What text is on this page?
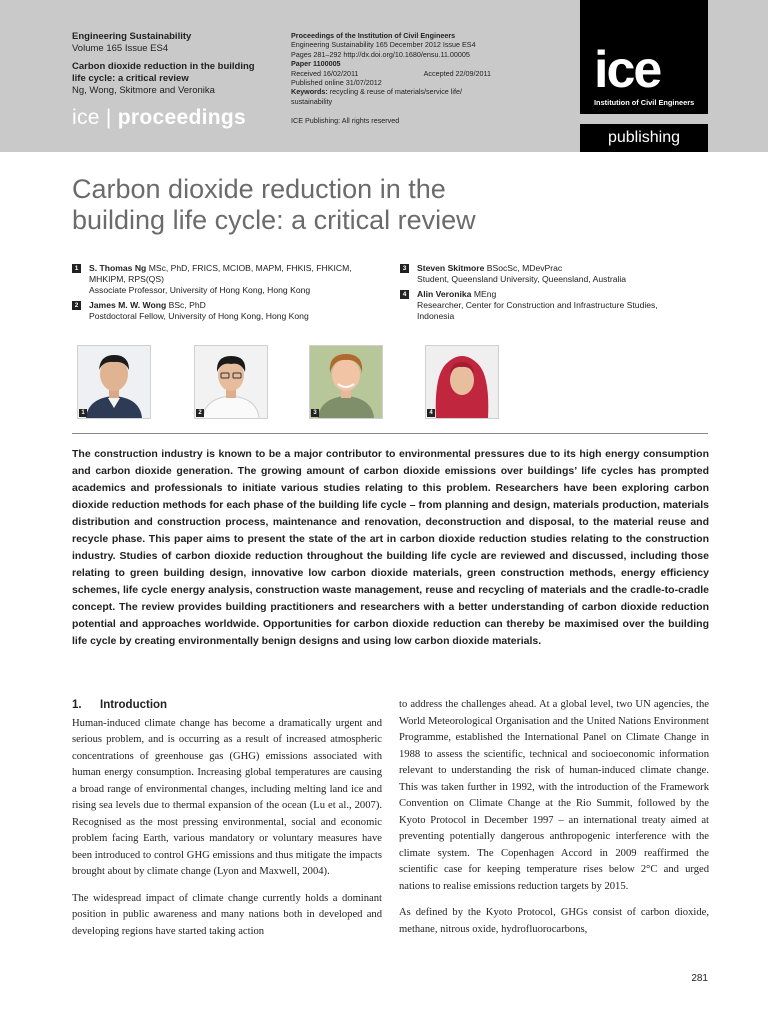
Engineering Sustainability
Volume 165 Issue ES4
Carbon dioxide reduction in the building
life cycle: a critical review
Ng, Wong, Skitmore and Veronika
ice | proceedings
Proceedings of the Institution of Civil Engineers
Engineering Sustainability 165 December 2012 Issue ES4
Pages 281–292 http://dx.doi.org/10.1680/ensu.11.00005
Paper 1100005
Received 16/02/2011	Accepted 22/09/2011
Published online 31/07/2012
Keywords: recycling & reuse of materials/service life/
sustainability
ICE Publishing: All rights reserved
ice
Institution of Civil Engineers
publishing
Carbon dioxide reduction in the
building life cycle: a critical review
1	S. Thomas Ng MSc, PhD, FRICS, MCIOB, MAPM, FHKIS, FHKICM,
MHKIPM, RPS(QS)
Associate Professor, University of Hong Kong, Hong Kong
2	James M. W. Wong BSc, PhD
Postdoctoral Fellow, University of Hong Kong, Hong Kong
3	Steven Skitmore BSocSc, MDevPrac
Student, Queensland University, Queensland, Australia
4	Alin Veronika MEng
Researcher, Center for Construction and Infrastructure Studies,
Indonesia
1	2	3	4
The construction industry is known to be a major contributor to environmental pressures due to its high energy consumption and carbon dioxide generation. The growing amount of carbon dioxide emissions over buildings’ life cycles has prompted academics and professionals to initiate various studies relating to this problem. Researchers have been exploring carbon dioxide reduction methods for each phase of the building life cycle – from planning and design, materials production, materials distribution and construction process, maintenance and renovation, deconstruction and disposal, to the material reuse and recycle phase. This paper aims to present the state of the art in carbon dioxide reduction studies relating to the construction industry. Studies of carbon dioxide reduction throughout the building life cycle are reviewed and discussed, including those relating to green building design, innovative low carbon dioxide materials, green construction methods, energy efficiency schemes, life cycle energy analysis, construction waste management, reuse and recycling of materials and the cradle-to-cradle concept. The review provides building practitioners and researchers with a better understanding of carbon dioxide reduction potential and approaches worldwide. Opportunities for carbon dioxide reduction can thereby be maximised over the building life cycle by creating environmentally benign designs and using low carbon dioxide materials.
1. Introduction

Human-induced climate change has become a dramatically urgent and serious problem, and is occurring as a result of increased atmospheric concentrations of greenhouse gas (GHG) emissions associated with human energy consumption. Increasing global temperatures are causing a broad range of environmental changes, including melting land ice and rising sea levels due to thermal expansion of the ocean (Lu et al., 2007). Recognised as the most pressing environmental, social and economic problem facing Earth, various mandatory or voluntary measures have been introduced to control GHG emissions and thus mitigate the impacts brought about by climate change (Lyon and Maxwell, 2004).

The widespread impact of climate change currently holds a dominant position in public awareness and many nations both in developed and developing regions have started taking action

to address the challenges ahead. At a global level, two UN agencies, the World Meteorological Organisation and the United Nations Environment Programme, established the International Panel on Climate Change in 1988 to assess the scientific, technical and socioeconomic information relevant to understanding the risk of human-induced climate change. This was taken further in 1992, with the introduction of the Framework Convention on Climate Change at the Rio Summit, followed by the Kyoto Protocol in December 1997 – an international treaty aimed at preventing potentially dangerous anthropogenic interference with the climate system. The Copenhagen Accord in 2009 reaffirmed the scientific case for keeping temperature rises below 2°C and urged nations to realise emissions reduction targets by 2015.

As defined by the Kyoto Protocol, GHGs consist of carbon dioxide, methane, nitrous oxide, hydrofluorocarbons,

281
